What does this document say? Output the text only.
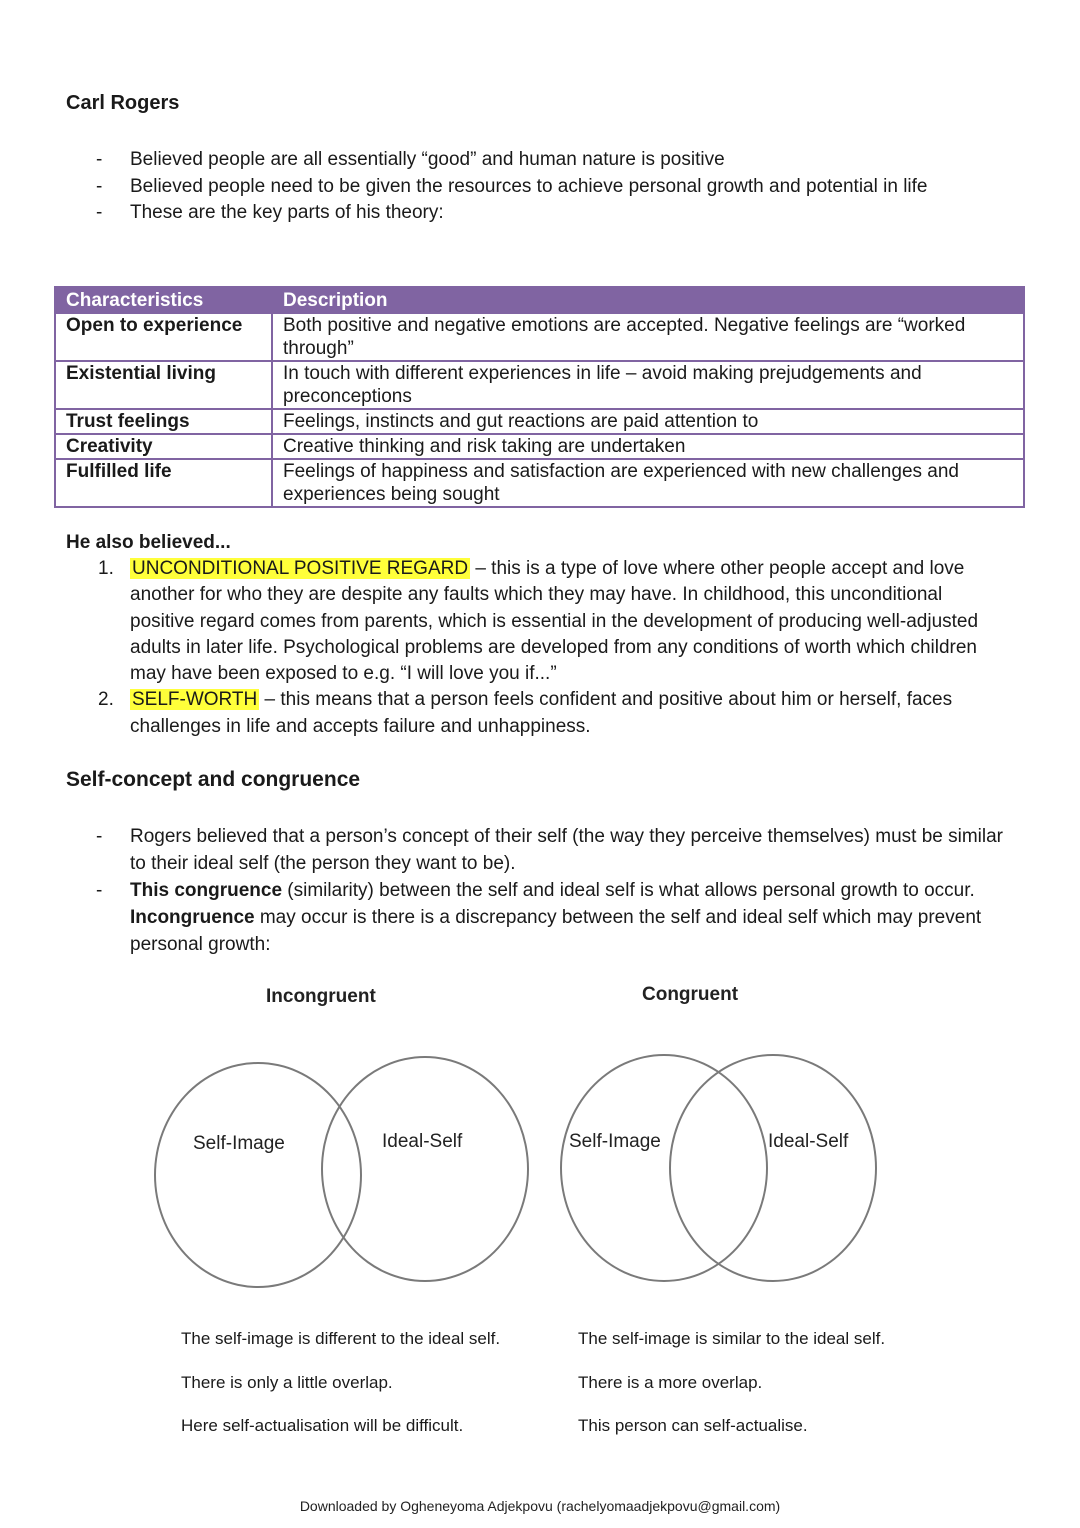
Carl Rogers
- Believed people are all essentially “good” and human nature is positive
- Believed people need to be given the resources to achieve personal growth and potential in life
- These are the key parts of his theory:
Characteristics	Description
Open to experience	Both positive and negative emotions are accepted. Negative feelings are “worked through”
Existential living	In touch with different experiences in life – avoid making prejudgements and preconceptions
Trust feelings	Feelings, instincts and gut reactions are paid attention to
Creativity	Creative thinking and risk taking are undertaken
Fulfilled life	Feelings of happiness and satisfaction are experienced with new challenges and experiences being sought
He also believed...
1. UNCONDITIONAL POSITIVE REGARD – this is a type of love where other people accept and love another for who they are despite any faults which they may have. In childhood, this unconditional positive regard comes from parents, which is essential in the development of producing well-adjusted adults in later life. Psychological problems are developed from any conditions of worth which children may have been exposed to e.g. “I will love you if...”
2. SELF-WORTH – this means that a person feels confident and positive about him or herself, faces challenges in life and accepts failure and unhappiness.
Self-concept and congruence
- Rogers believed that a person’s concept of their self (the way they perceive themselves) must be similar to their ideal self (the person they want to be).
- This congruence (similarity) between the self and ideal self is what allows personal growth to occur. Incongruence may occur is there is a discrepancy between the self and ideal self which may prevent personal growth:
Incongruent
Self-Image	Ideal-Self
The self-image is different to the ideal self.
There is only a little overlap.
Here self-actualisation will be difficult.
Congruent
Self-Image	Ideal-Self
The self-image is similar to the ideal self.
There is a more overlap.
This person can self-actualise.
Downloaded by Ogheneyoma Adjekpovu (rachelyomaadjekpovu@gmail.com)
